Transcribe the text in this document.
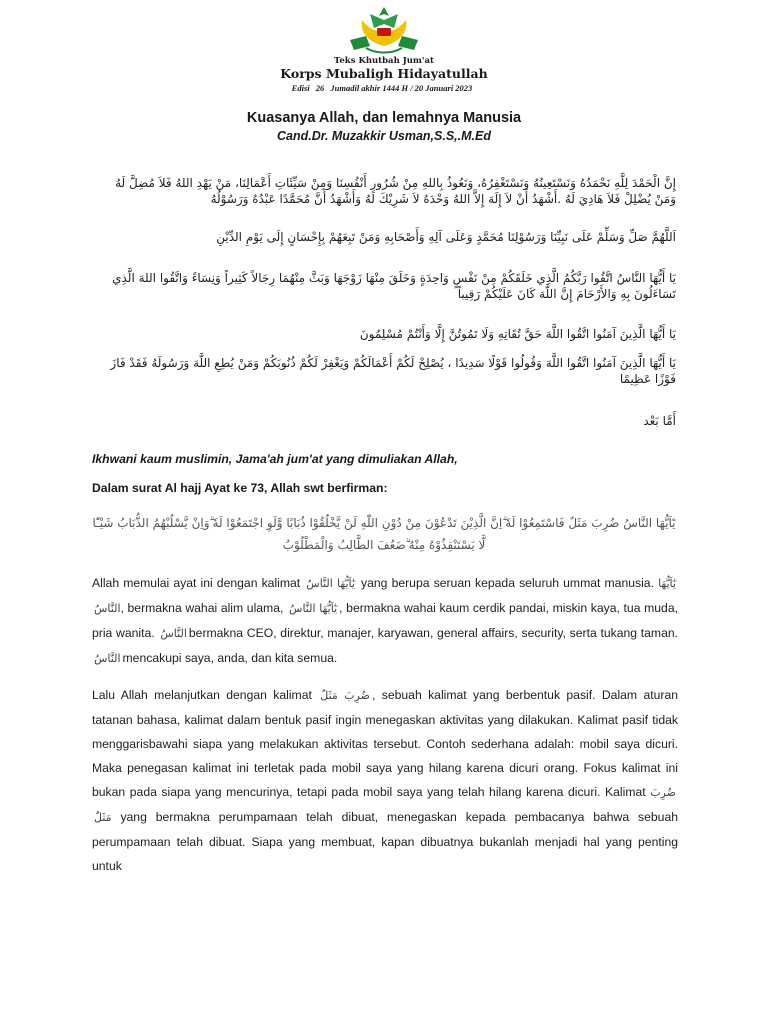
Teks Khutbah Jum'at
Korps Mubaligh Hidayatullah
Edisi 26 Jumadil akhir 1444 H / 20 Januari 2023
Kuasanya Allah, dan lemahnya Manusia
Cand.Dr. Muzakkir Usman,S.S,.M.Ed
إِنَّ الْحَمْدَ لِلَّهِ نَحْمَدُهُ وَنَسْتَعِينُهُ وَنَسْتَغْفِرُهُ، وَنَعُوذُ بِاللهِ مِنْ شُرُورِ أَنْفُسِنَا وَمِنْ سَيِّئَاتِ أَعْمَالِنَا، مَنْ يَهْدِ اللهُ فَلاَ مُضِلَّ لَهُ وَمَنْ يُضْلِلْ فَلاَ هَادِيَ لَهُ .أَشْهَدُ أَنْ لاَ إِلَهَ إِلاَّ اللهُ وَحْدَهُ لاَ شَرِيْكَ لَهُ وَأَشْهَدُ أَنَّ مُحَمَّدًا عَبْدُهُ وَرَسُوْلُهُ
اَللَّهُمَّ صَلِّ وَسَلِّمْ عَلَى نَبِيِّنَا وَرَسُوْلِنَا مُحَمَّدٍ وَعَلَى آلِهِ وَأَصْحَابِهِ وَمَنْ تَبِعَهُمْ بِإِحْسَانٍ إِلَى يَوْمِ الدِّيْنِ
يَا أَيُّهَا النَّاسُ اتَّقُوا رَبَّكُمُ الَّذِي خَلَقَكُمْ مِنْ نَفْسٍ وَاحِدَةٍ وَخَلَقَ مِنْهَا زَوْجَهَا وَبَثَّ مِنْهُمَا رِجَالاً كَثِيراً وَنِسَاءً وَاتَّقُوا اللهَ الَّذِي تَسَاءَلُونَ بِهِ وَالأَرْحَامَ إِنَّ اللَّهَ كَانَ عَلَيْكُمْ رَقِيباً
يَا أَيُّهَا الَّذِينَ آمَنُوا اتَّقُوا اللَّهَ حَقَّ تُقَاتِهِ وَلَا تَمُوتُنَّ إِلَّا وَأَنْتُمْ مُسْلِمُونَ
يَا أَيُّهَا الَّذِينَ آمَنُوا اتَّقُوا اللَّهَ وَقُولُوا قَوْلًا سَدِيدًا ، يُصْلِحْ لَكُمْ أَعْمَالَكُمْ وَيَغْفِرْ لَكُمْ ذُنُوبَكُمْ وَمَنْ يُطِعِ اللَّهَ وَرَسُولَهُ فَقَدْ فَازَ فَوْزًا عَظِيمًا
أَمَّا بَعْد
Ikhwani kaum muslimin, Jama'ah jum'at yang dimuliakan Allah,
Dalam surat Al hajj Ayat ke 73, Allah swt berfirman:
يٰٓاَيُّهَا النَّاسُ ضُرِبَ مَثَلٌ فَاسْتَمِعُوْا لَهٗ ۗاِنَّ الَّذِيْنَ تَدْعُوْنَ مِنْ دُوْنِ اللّٰهِ لَنْ يَّخْلُقُوْا ذُبَابًا وَّلَوِ اجْتَمَعُوْا لَهٗ ۗوَاِنْ يَّسْلُبْهُمُ الذُّبَابُ شَيْـًٔا لَّا يَسْتَنْقِذُوْهُ مِنْهُ ۗضَعُفَ الطَّالِبُ وَالْمَطْلُوْبُ
Allah memulai ayat ini dengan kalimat يٰٓاَيُّهَا النَّاسُ yang berupa seruan kepada seluruh ummat manusia. يٰٓاَيُّهَا النَّاسُ, bermakna wahai alim ulama, يٰٓاَيُّهَا النَّاسُ , bermakna wahai kaum cerdik pandai, miskin kaya, tua muda, pria wanita. النَّاسُ bermakna CEO, direktur, manajer, karyawan, general affairs, security, serta tukang taman. النَّاسُ mencakupi saya, anda, dan kita semua.
Lalu Allah melanjutkan dengan kalimat ضُرِبَ مَثَلٌ , sebuah kalimat yang berbentuk pasif. Dalam aturan tatanan bahasa, kalimat dalam bentuk pasif ingin menegaskan aktivitas yang dilakukan. Kalimat pasif tidak menggarisbawahi siapa yang melakukan aktivitas tersebut. Contoh sederhana adalah: mobil saya dicuri. Maka penegasan kalimat ini terletak pada mobil saya yang hilang karena dicuri orang. Fokus kalimat ini bukan pada siapa yang mencurinya, tetapi pada mobil saya yang telah hilang karena dicuri. Kalimat ضُرِبَ مَثَلٌ yang bermakna perumpamaan telah dibuat, menegaskan kepada pembacanya bahwa sebuah perumpamaan telah dibuat. Siapa yang membuat, kapan dibuatnya bukanlah menjadi hal yang penting untuk
